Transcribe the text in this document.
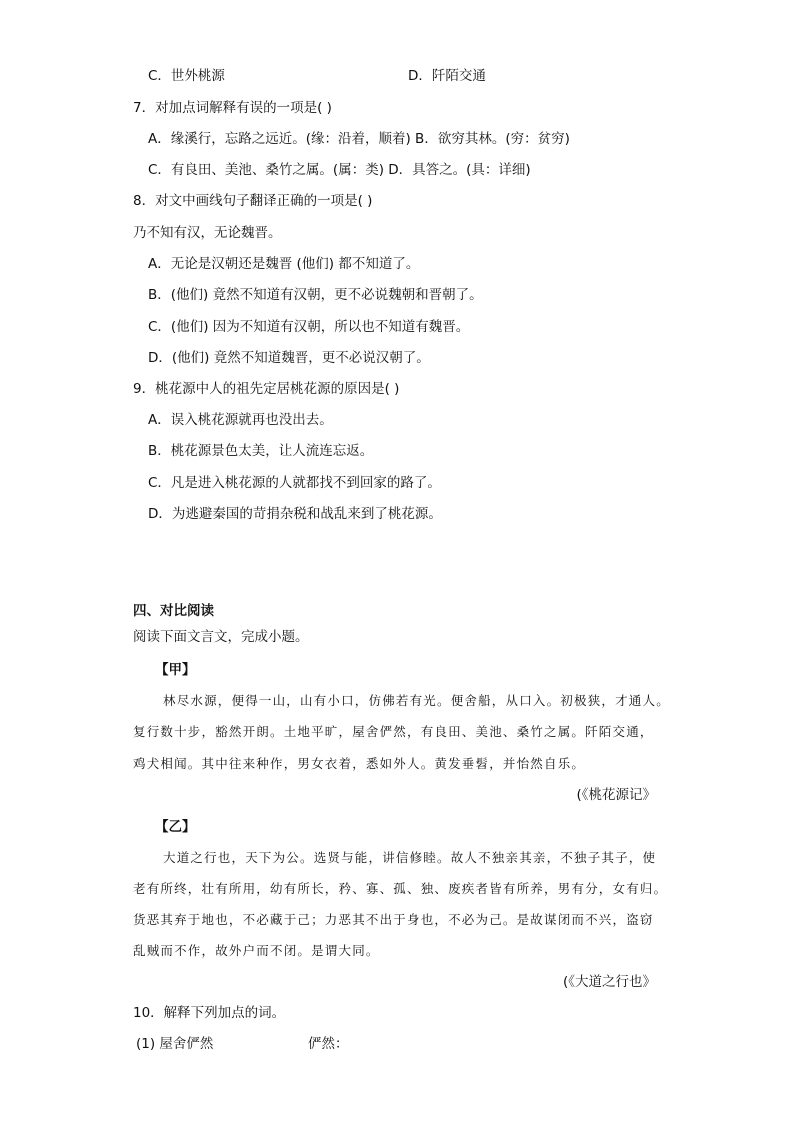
C．世外桃源	D．阡陌交通
7．对加点词解释有误的一项是( )
A．缘溪行，忘路之远近。(缘：沿着，顺着) B．欲穷其林。(穷：贫穷)
C．有良田、美池、桑竹之属。(属：类) D．具答之。(具：详细)
8．对文中画线句子翻译正确的一项是( )
乃不知有汉，无论魏晋。
A．无论是汉朝还是魏晋 (他们) 都不知道了。
B．(他们) 竟然不知道有汉朝，更不必说魏朝和晋朝了。
C．(他们) 因为不知道有汉朝，所以也不知道有魏晋。
D．(他们) 竟然不知道魏晋，更不必说汉朝了。
9．桃花源中人的祖先定居桃花源的原因是( )
A．误入桃花源就再也没出去。
B．桃花源景色太美，让人流连忘返。
C．凡是进入桃花源的人就都找不到回家的路了。
D．为逃避秦国的苛捐杂税和战乱来到了桃花源。
四、对比阅读
阅读下面文言文，完成小题。
【甲】
林尽水源，便得一山，山有小口，仿佛若有光。便舍船，从口入。初极狭，才通人。
复行数十步，豁然开朗。土地平旷，屋舍俨然，有良田、美池、桑竹之属。阡陌交通，
鸡犬相闻。其中往来种作，男女衣着，悉如外人。黄发垂髫，并怡然自乐。
(《桃花源记》
【乙】
大道之行也，天下为公。选贤与能，讲信修睦。故人不独亲其亲，不独子其子，使
老有所终，壮有所用，幼有所长，矜、寡、孤、独、废疾者皆有所养，男有分，女有归。
货恶其弃于地也，不必藏于己；力恶其不出于身也，不必为己。是故谋闭而不兴，盗窃
乱贼而不作，故外户而不闭。是谓大同。
(《大道之行也》
10．解释下列加点的词。
(1) 屋舍俨然	俨然：
